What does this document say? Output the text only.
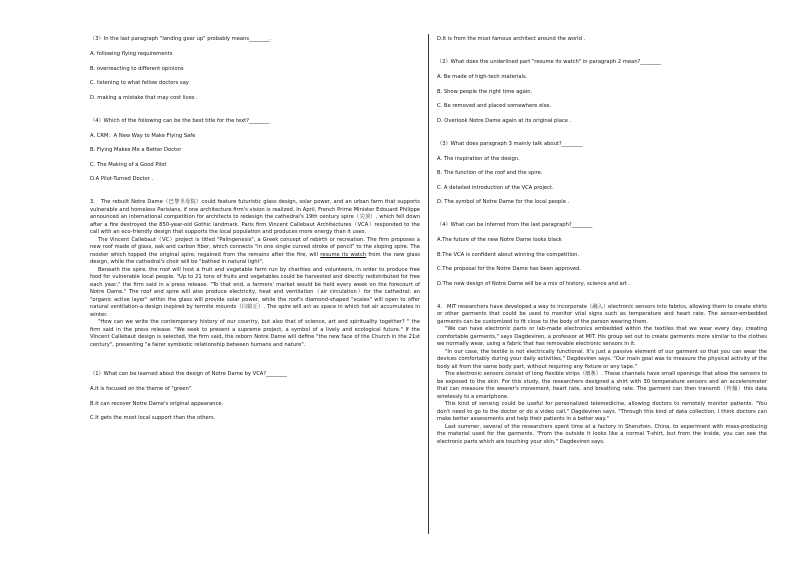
（3）In the last paragraph "landing gear up" probably means________.
A. following flying requirements
B. overreacting to different opinions
C. listening to what fellow doctors say
D. making a mistake that may cost lives .
（4）Which of the following can be the best title for the text?________
A. CRM：A New Way to Make Flying Safe
B. Flying Makes Me a Better Doctor
C. The Making of a Good Pilot
D.A Pilot-Turned Doctor .

3.   The rebuilt Notre Dame（巴黎圣母院）could feature futuristic glass design, solar power, and an urban farm that supports vulnerable and homeless Parisians, if one architecture firm's vision is realized. In April, French Prime Minister Edouard Philippe announced an international competition for architects to redesign the cathedral's 19th century spire（尖顶）, which fell down after a fire destroyed the 850-year-old Gothic landmark. Paris firm Vincent Callebaut Architectures（VCA）responded to the call with an eco-friendly design that supports the local population and produces more energy than it uses.

The Vincent Callebaut（VC）project is titled "Palingenesis", a Greek concept of rebirth or recreation. The firm proposes a new roof made of glass, oak and carbon fiber, which connects "in one single curved stroke of pencil" to the sloping spire. The rooster which topped the original spire, regained from the remains after the fire, will resume its watch from the new glass design, while the cathedral's choir will be "bathed in natural light".

Beneath the spire, the roof will host a fruit and vegetable farm run by charities and volunteers, in order to produce free food for vulnerable local people. "Up to 21 tons of fruits and vegetables could be harvested and directly redistributed for free each year," the firm said in a press release. "To that end, a farmers' market would be held every week on the forecourt of Notre Dame." The roof and spire will also produce electricity, heat and ventilation（air circulation）for the cathedral: an "organic active layer" within the glass will provide solar power, while the roof's diamond-shaped "scales" will open to offer natural ventilation-a design inspired by termite mounds（白蚁丘）. The spire will act as space in which hot air accumulates in winter.

"How can we write the contemporary history of our country, but also that of science, art and spirituality together? " the firm said in the press release. "We seek to present a supreme project, a symbol of a lively and ecological future." If the Vincent Callebaut design is selected, the firm said, the reborn Notre Dame will define "the new face of the Church in the 21st century", presenting "a fairer symbiotic relationship between humans and nature".

（1）What can be learned about the design of Notre Dame by VCA?________
A.It is focused on the theme of "green".
B.It can recover Notre Dame's original appearance.
C.It gets the most local support than the others.
D.It is from the most famous architect around the world .
（2）What does the underlined part "resume its watch" in paragraph 2 mean?________
A. Be made of high-tech materials.
B. Show people the right time again.
C. Be removed and placed somewhere else.
D. Overlook Notre Dame again at its original place .
（3）What does paragraph 3 mainly talk about?________
A. The inspiration of the design.
B. The function of the roof and the spire.
C. A detailed introduction of the VCA project.
D. The symbol of Notre Dame for the local people .
（4）What can be inferred from the last paragraph?________
A.The future of the new Notre Dame looks black
B.The VCA is confident about winning the competition.
C.The proposal for the Notre Dame has been approved.
D.The new design of Notre Dame will be a mix of history, science and art .

4.   MIT researchers have developed a way to incorporate（融入）electronic sensors into fabrics, allowing them to create shirts or other garments that could be used to monitor vital signs such as temperature and heart rate. The sensor-embedded garments can be customized to fit close to the body of the person wearing them.

"We can have electronic parts or lab-made electronics embedded within the textiles that we wear every day, creating comfortable garments," says Dagdeviren, a professor at MIT. His group set out to create garments more similar to the clothes we normally wear, using a fabric that has removable electronic sensors in it.

"In our case, the textile is not electrically functional. It's just a passive element of our garment so that you can wear the devices comfortably during your daily activities," Dagdeviren says. "Our main goal was to measure the physical activity of the body all from the same body part, without requiring any fixture or any tape."

The electronic sensors consist of long flexible strips（细条）. These channels have small openings that allow the sensors to be exposed to the skin. For this study, the researchers designed a shirt with 30 temperature sensors and an accelerometer that can measure the wearer's movement, heart rate, and breathing rate. The garment can then transmit（传输）this data wirelessly to a smartphone.

This kind of sensing could be useful for personalized telemedicine, allowing doctors to remotely monitor patients. "You don't need to go to the doctor or do a video call," Dagdeviren says. "Through this kind of data collection, I think doctors can make better assessments and help their patients in a better way."

Last summer, several of the researchers spent time at a factory in Shenzhen, China, to experiment with mass-producing the material used for the garments. "From the outside it looks like a normal T-shirt, but from the inside, you can see the electronic parts which are touching your skin," Dagdeviren says.
